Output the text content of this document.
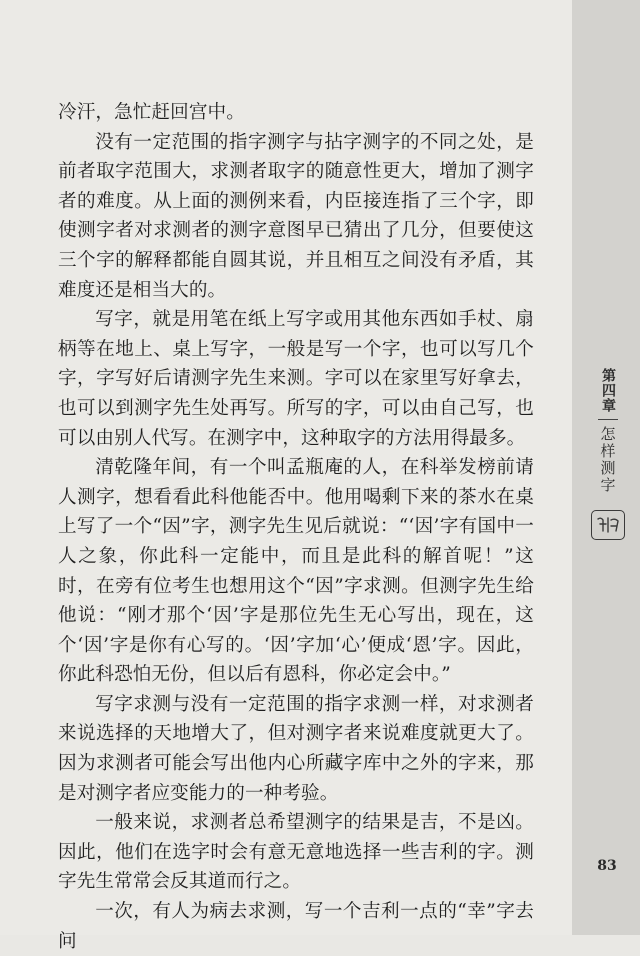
冷汗，急忙赶回宫中。

没有一定范围的指字测字与拈字测字的不同之处，是前者取字范围大，求测者取字的随意性更大，增加了测字者的难度。从上面的测例来看，内臣接连指了三个字，即使测字者对求测者的测字意图早已猜出了几分，但要使这三个字的解释都能自圆其说，并且相互之间没有矛盾，其难度还是相当大的。

写字，就是用笔在纸上写字或用其他东西如手杖、扇柄等在地上、桌上写字，一般是写一个字，也可以写几个字，字写好后请测字先生来测。字可以在家里写好拿去，也可以到测字先生处再写。所写的字，可以由自己写，也可以由别人代写。在测字中，这种取字的方法用得最多。

清乾隆年间，有一个叫孟瓶庵的人，在科举发榜前请人测字，想看看此科他能否中。他用喝剩下来的茶水在桌上写了一个“因”字，测字先生见后就说：“‘因’字有国中一人之象，你此科一定能中，而且是此科的解首呢！”这时，在旁有位考生也想用这个“因”字求测。但测字先生给他说：“刚才那个‘因’字是那位先生无心写出，现在，这个‘因’字是你有心写的。‘因’字加‘心’便成‘恩’字。因此，你此科恐怕无份，但以后有恩科，你必定会中。”

写字求测与没有一定范围的指字求测一样，对求测者来说选择的天地增大了，但对测字者来说难度就更大了。因为求测者可能会写出他内心所藏字库中之外的字来，那是对测字者应变能力的一种考验。

一般来说，求测者总希望测字的结果是吉，不是凶。因此，他们在选字时会有意无意地选择一些吉利的字。测字先生常常会反其道而行之。

一次，有人为病去求测，写一个吉利一点的“幸”字去问

第四章
怎样测字
83
